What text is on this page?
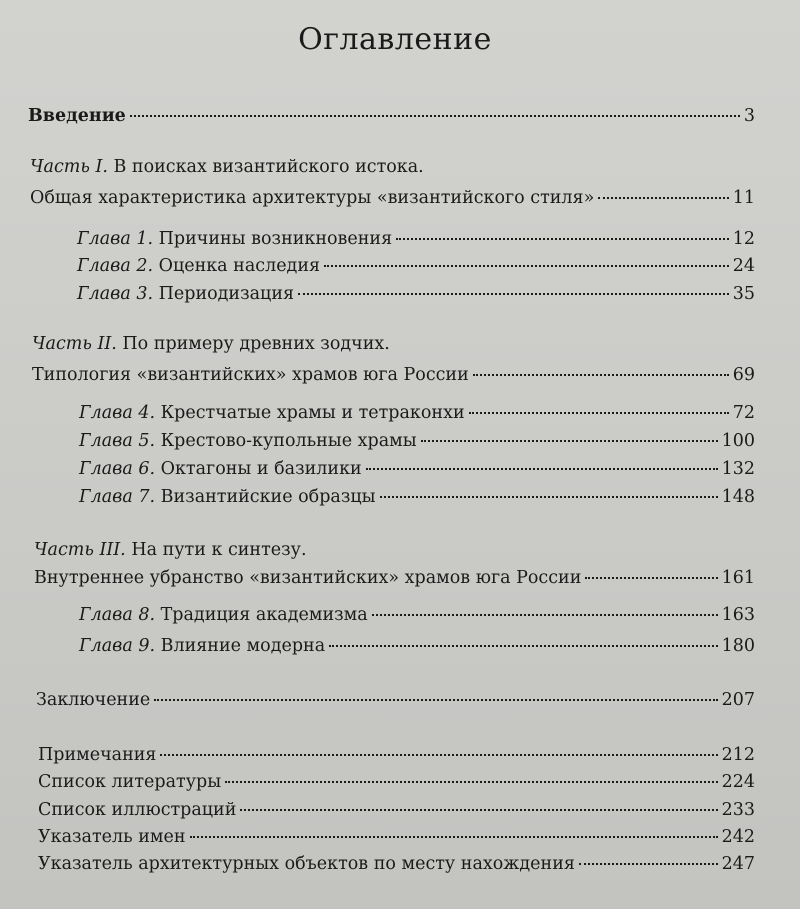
Оглавление
Введение	3
Часть I. В поисках византийского истока.
Общая характеристика архитектуры «византийского стиля»	11
Глава 1. Причины возникновения	12
Глава 2. Оценка наследия	24
Глава 3. Периодизация	35
Часть II. По примеру древних зодчих.
Типология «византийских» храмов юга России	69
Глава 4. Крестчатые храмы и тетраконхи	72
Глава 5. Крестово-купольные храмы	100
Глава 6. Октагоны и базилики	132
Глава 7. Византийские образцы	148
Часть III. На пути к синтезу.
Внутреннее убранство «византийских» храмов юга России	161
Глава 8. Традиция академизма	163
Глава 9. Влияние модерна	180
Заключение	207
Примечания	212
Список литературы	224
Список иллюстраций	233
Указатель имен	242
Указатель архитектурных объектов по месту нахождения	247
